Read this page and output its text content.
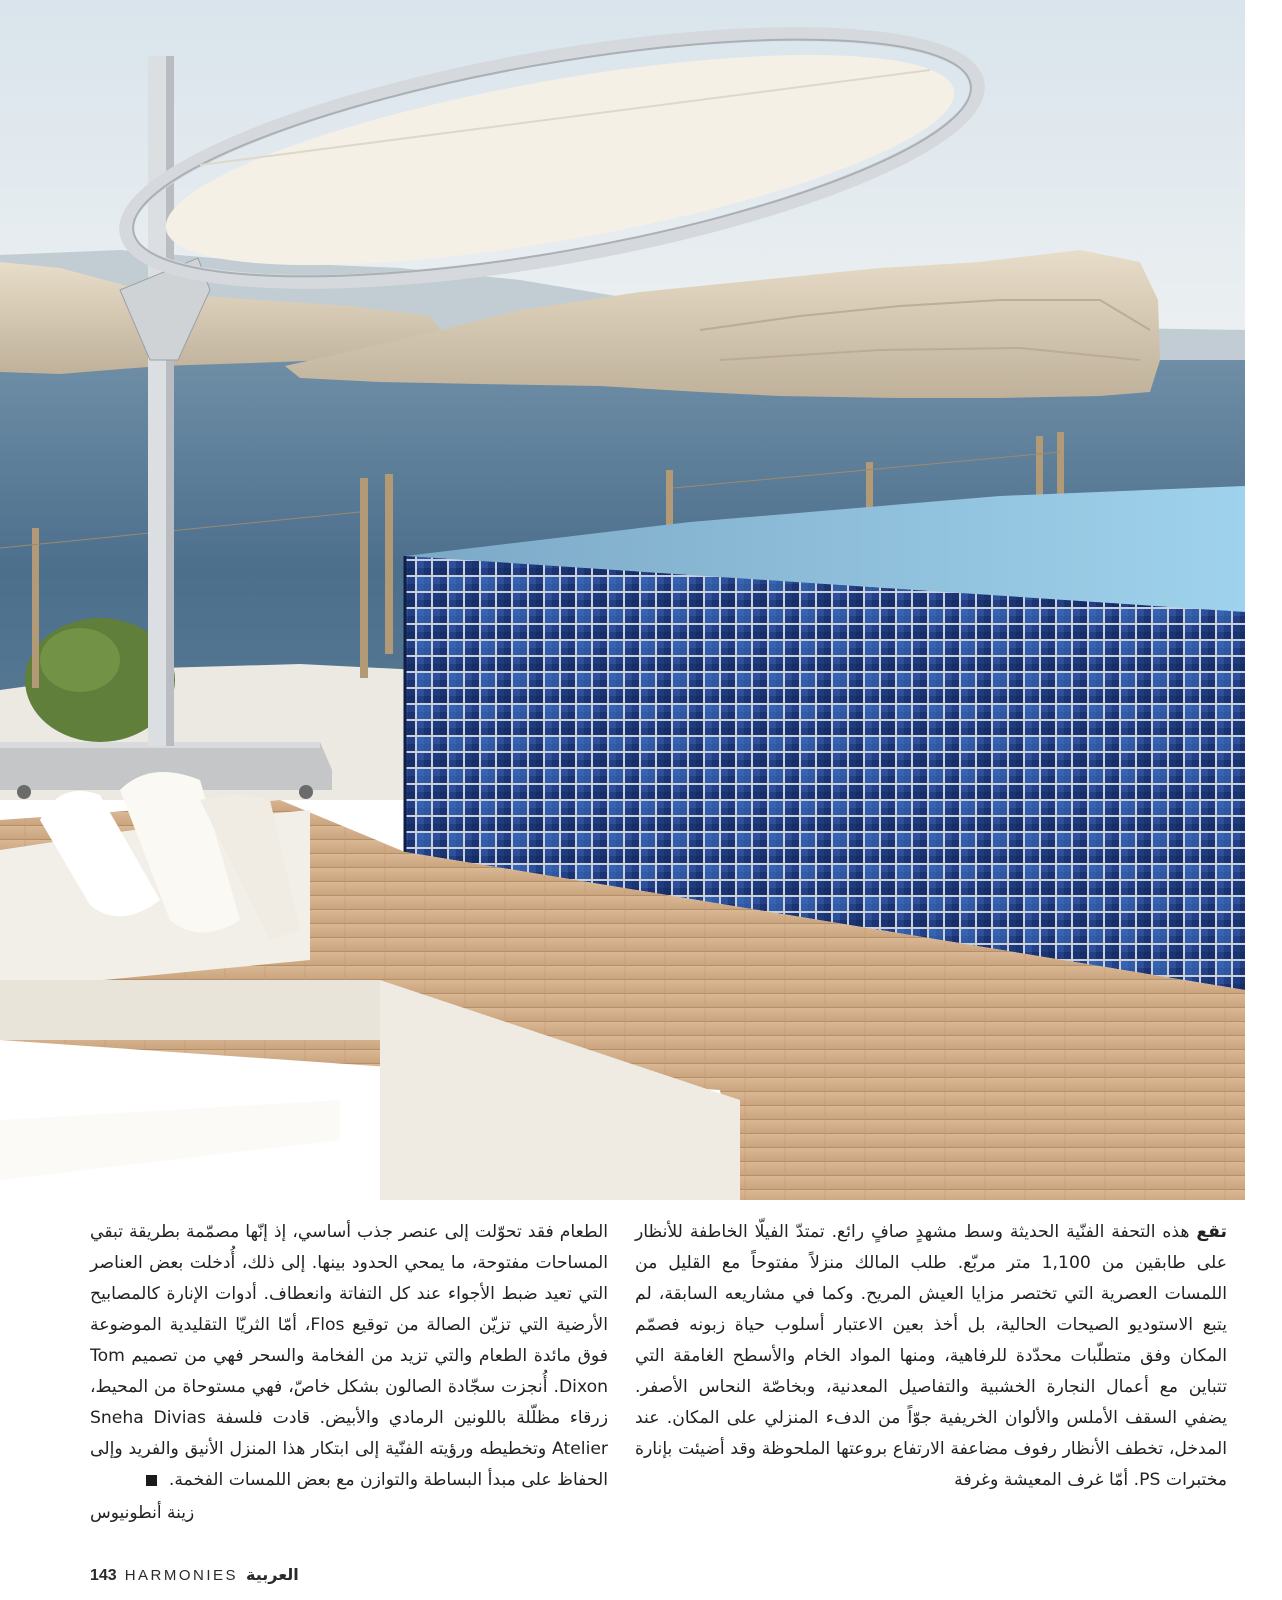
تقع هذه التحفة الفنّية الحديثة وسط مشهدٍ صافٍ رائع. تمتدّ الفيلّا الخاطفة للأنظار على طابقين من 1,100 متر مربّع. طلب المالك منزلاً مفتوحاً مع القليل من اللمسات العصرية التي تختصر مزايا العيش المريح. وكما في مشاريعه السابقة، لم يتبع الاستوديو الصيحات الحالية، بل أخذ بعين الاعتبار أسلوب حياة زبونه فصمّم المكان وفق متطلّبات محدّدة للرفاهية، ومنها المواد الخام والأسطح الغامقة التي تتباين مع أعمال النجارة الخشبية والتفاصيل المعدنية، وبخاصّة النحاس الأصفر. يضفي السقف الأملس والألوان الخريفية جوّاً من الدفء المنزلي على المكان. عند المدخل، تخطف الأنظار رفوف مضاعفة الارتفاع بروعتها الملحوظة وقد أضيئت بإنارة مختبرات PS. أمّا غرف المعيشة وغرفة
الطعام فقد تحوّلت إلى عنصر جذب أساسي، إذ إنّها مصمّمة بطريقة تبقي المساحات مفتوحة، ما يمحي الحدود بينها. إلى ذلك، أُدخلت بعض العناصر التي تعيد ضبط الأجواء عند كل التفاتة وانعطاف. أدوات الإنارة كالمصابيح الأرضية التي تزيّن الصالة من توقيع Flos، أمّا الثريّا التقليدية الموضوعة فوق مائدة الطعام والتي تزيد من الفخامة والسحر فهي من تصميم Tom Dixon. أُنجزت سجّادة الصالون بشكل خاصّ، فهي مستوحاة من المحيط، زرقاء مظلّلة باللونين الرمادي والأبيض. قادت فلسفة Sneha Divias Atelier وتخطيطه ورؤيته الفنّية إلى ابتكار هذا المنزل الأنيق والفريد وإلى الحفاظ على مبدأ البساطة والتوازن مع بعض اللمسات الفخمة.
زينة أنطونيوس
143 HARMONIES العربية
